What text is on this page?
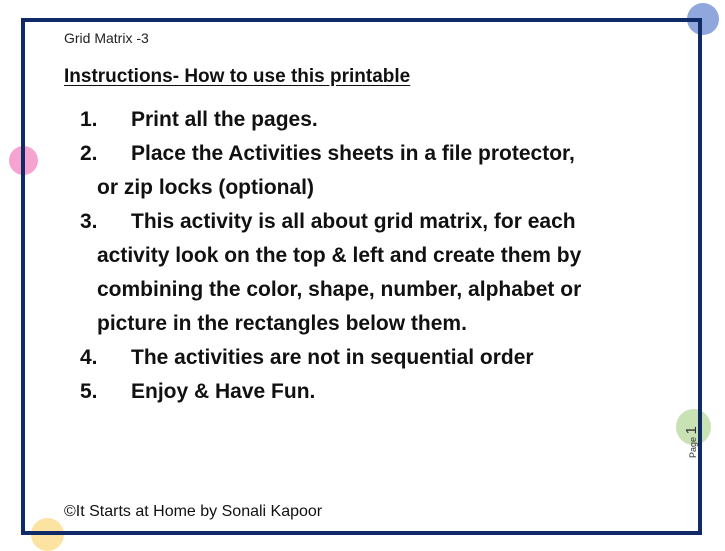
Grid Matrix -3
Instructions- How to use this printable
1.	Print all the pages.
2.	Place the Activities sheets in a file protector,
or zip locks (optional)
3.	This activity is all about grid matrix, for each
activity look on the top & left and create them by
combining the color, shape, number, alphabet or
picture in the rectangles below them.
4.	The activities are not in sequential order
5.	Enjoy & Have Fun.
©It Starts at Home by Sonali Kapoor
Page 1
